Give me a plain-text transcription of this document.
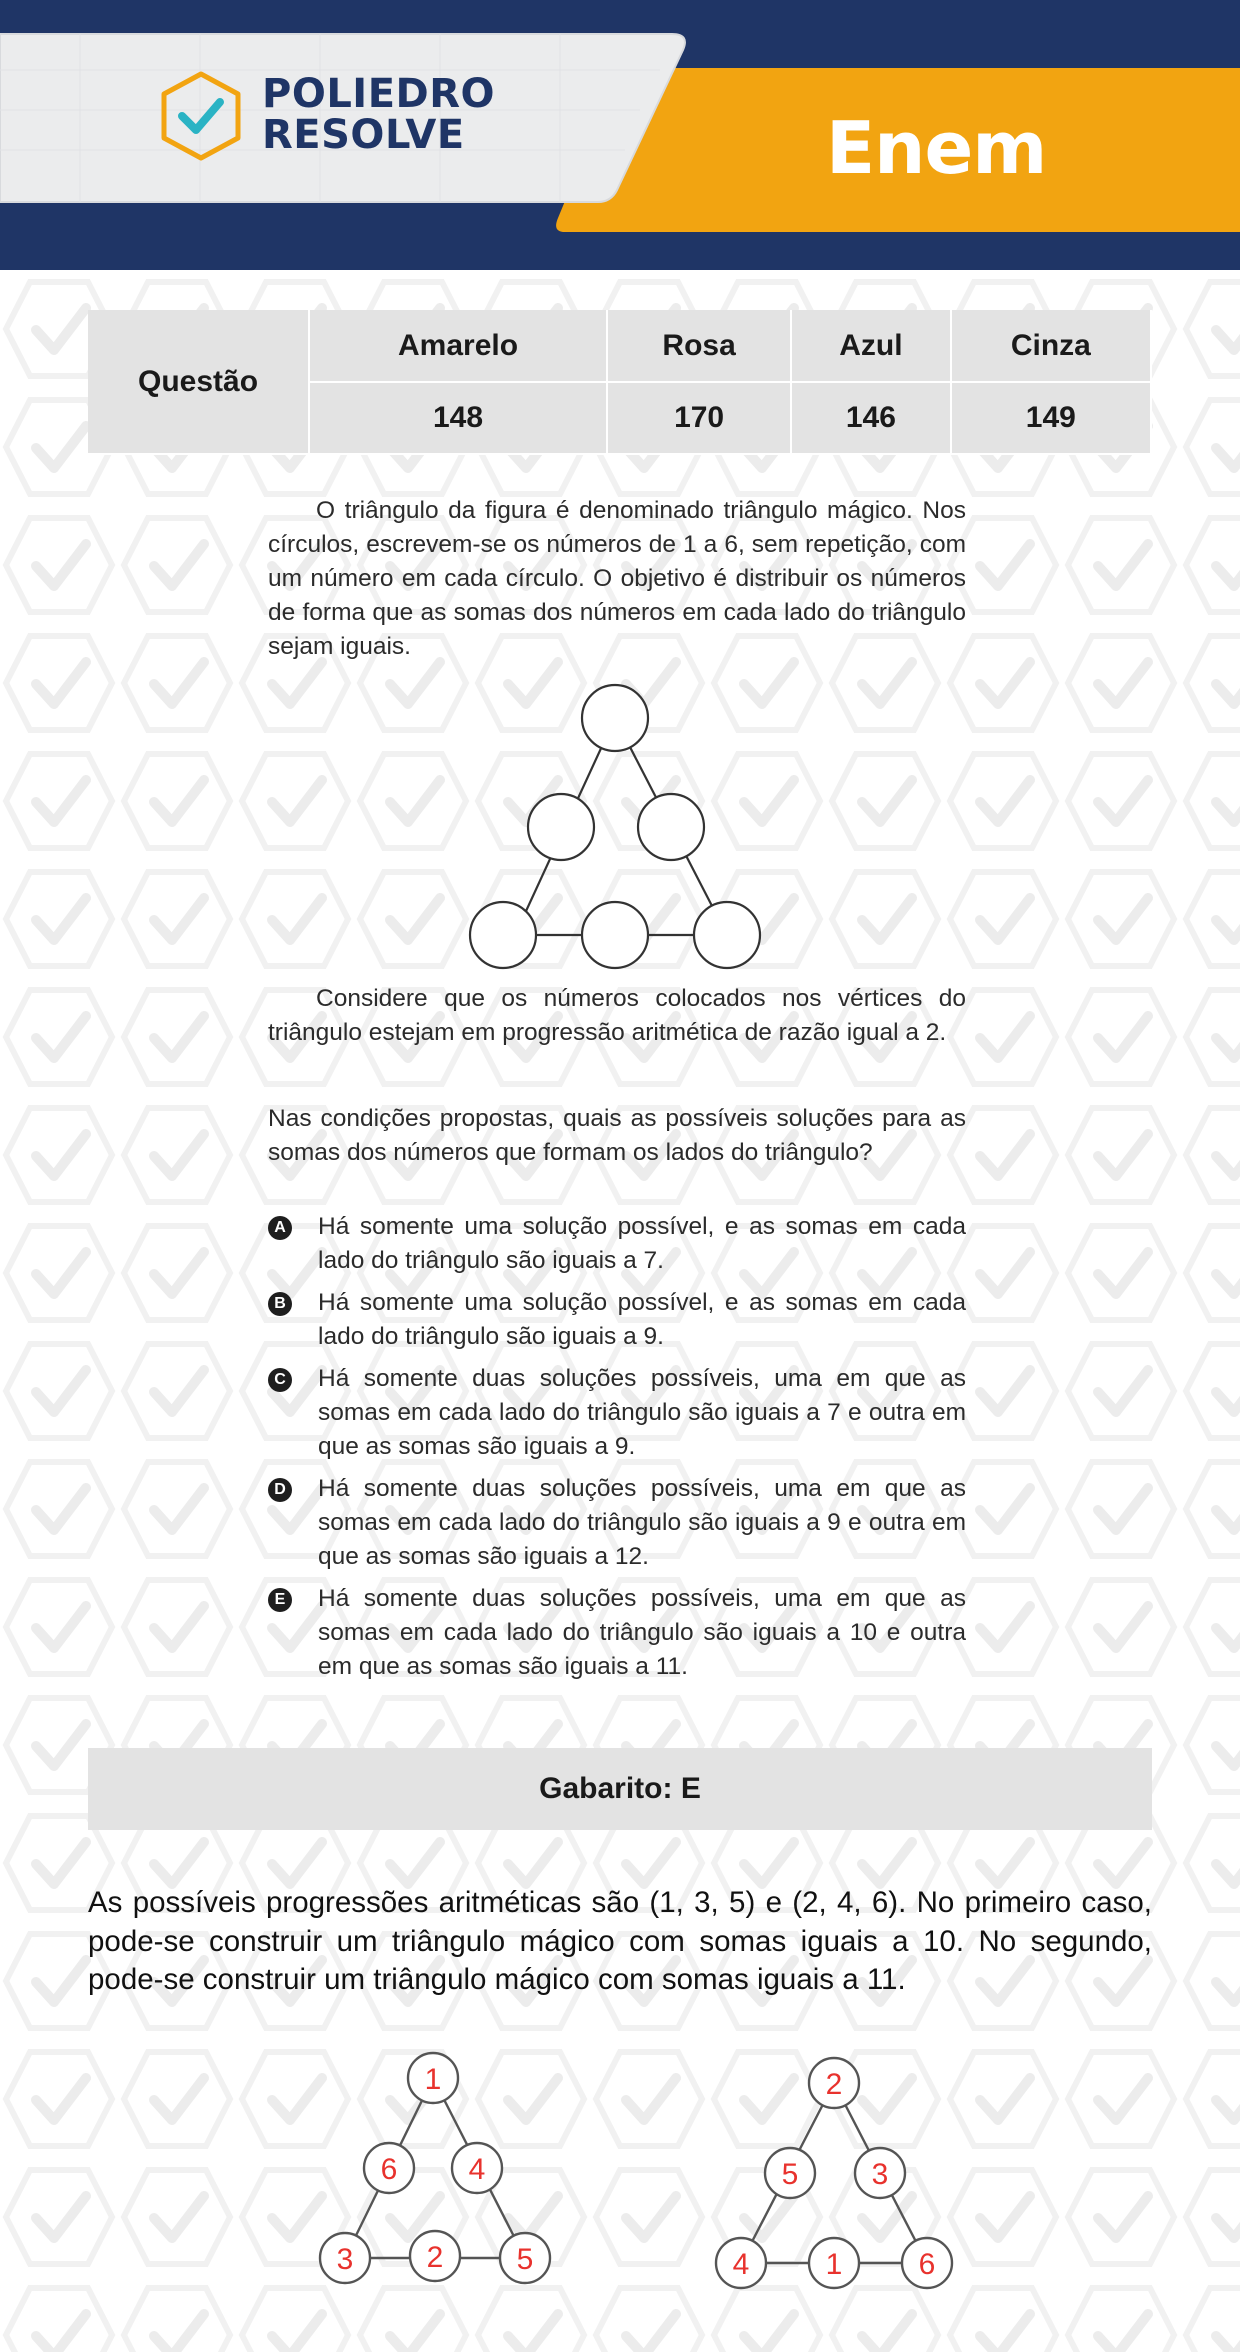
POLIEDRO
RESOLVE	Enem
Questão	Amarelo	Rosa	Azul	Cinza
	148	170	146	149

O triângulo da figura é denominado triângulo mágico. Nos círculos, escrevem-se os números de 1 a 6, sem repetição, com um número em cada círculo. O objetivo é distribuir os números de forma que as somas dos números em cada lado do triângulo sejam iguais.

Considere que os números colocados nos vértices do triângulo estejam em progressão aritmética de razão igual a 2.

Nas condições propostas, quais as possíveis soluções para as somas dos números que formam os lados do triângulo?

A Há somente uma solução possível, e as somas em cada lado do triângulo são iguais a 7.

B Há somente uma solução possível, e as somas em cada lado do triângulo são iguais a 9.

C Há somente duas soluções possíveis, uma em que as somas em cada lado do triângulo são iguais a 7 e outra em que as somas são iguais a 9.

D Há somente duas soluções possíveis, uma em que as somas em cada lado do triângulo são iguais a 9 e outra em que as somas são iguais a 12.

E Há somente duas soluções possíveis, uma em que as somas em cada lado do triângulo são iguais a 10 e outra em que as somas são iguais a 11.

Gabarito: E

As possíveis progressões aritméticas são (1, 3, 5) e (2, 4, 6). No primeiro caso, pode-se construir um triângulo mágico com somas iguais a 10. No segundo, pode-se construir um triângulo mágico com somas iguais a 11.

1
6 4
3 2 5
2
5 3
4	1	6
